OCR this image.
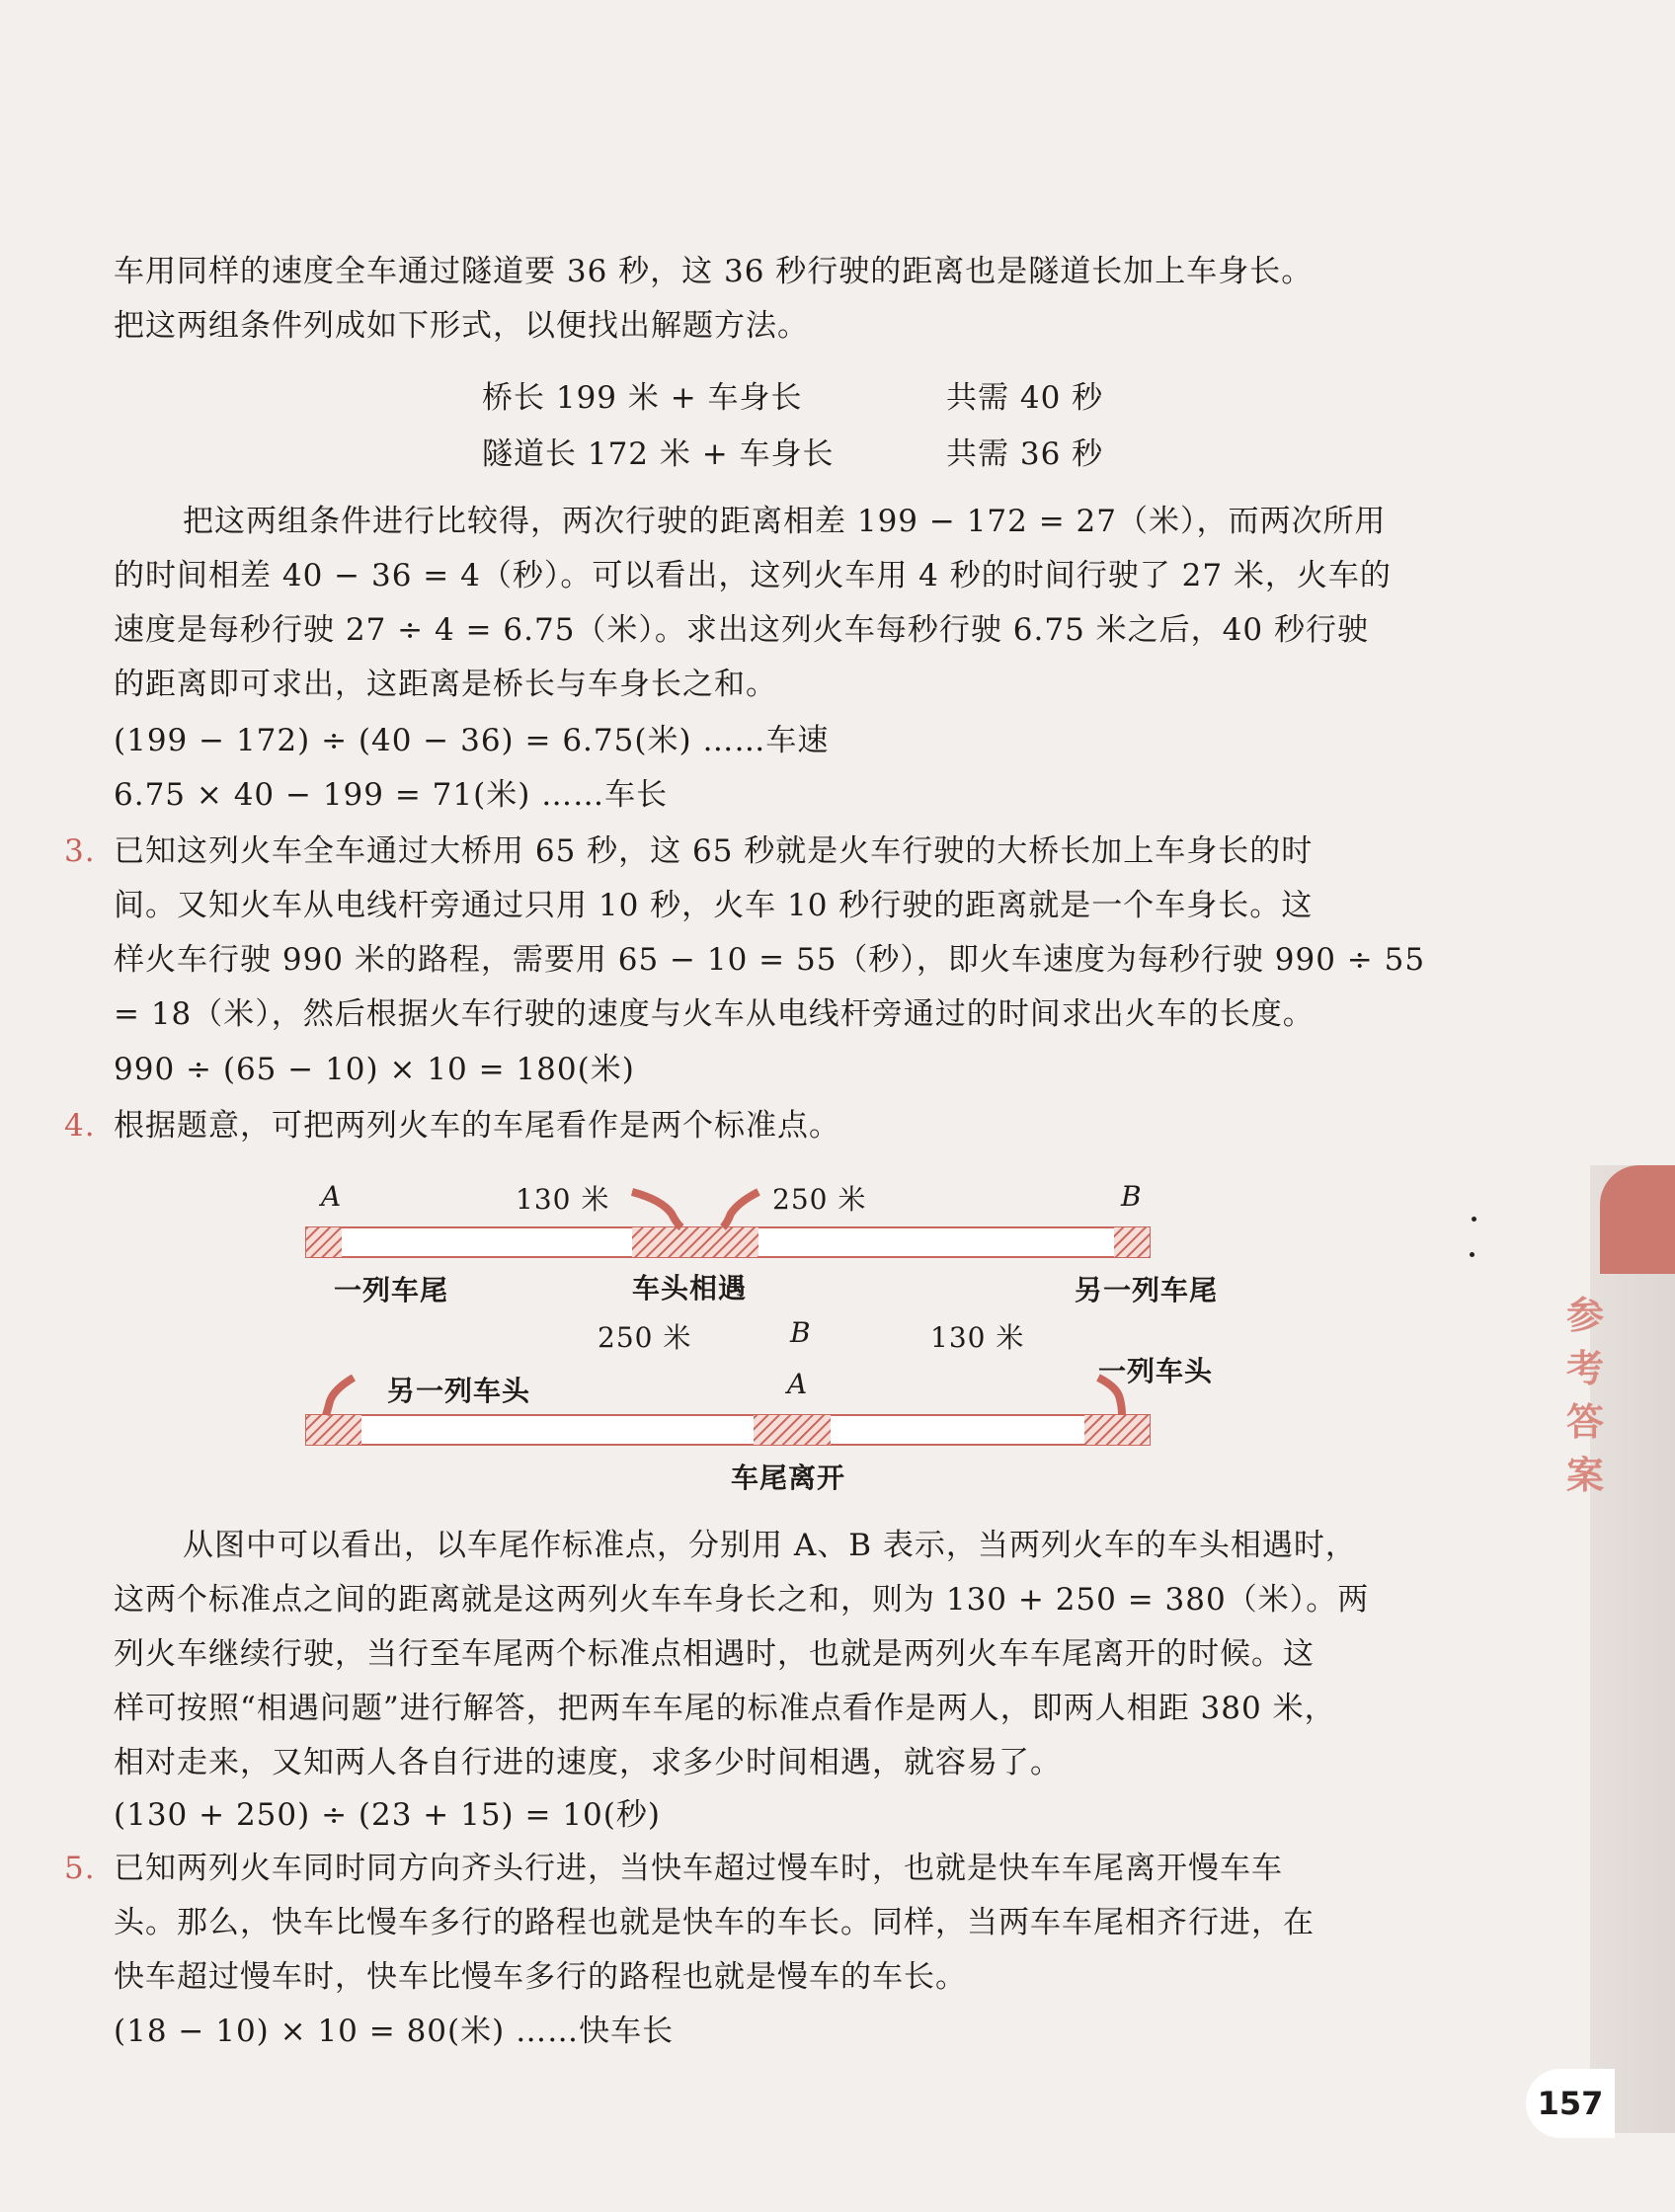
车用同样的速度全车通过隧道要 36 秒，这 36 秒行驶的距离也是隧道长加上车身长。
把这两组条件列成如下形式，以便找出解题方法。
桥长 199 米 + 车身长	共需 40 秒
隧道长 172 米 + 车身长	共需 36 秒
把这两组条件进行比较得，两次行驶的距离相差 199 − 172 = 27（米），而两次所用
的时间相差 40 − 36 = 4（秒）。可以看出，这列火车用 4 秒的时间行驶了 27 米，火车的
速度是每秒行驶 27 ÷ 4 = 6.75（米）。求出这列火车每秒行驶 6.75 米之后，40 秒行驶
的距离即可求出，这距离是桥长与车身长之和。
(199 − 172) ÷ (40 − 36) = 6.75(米) ……车速
6.75 × 40 − 199 = 71(米) ……车长
3. 已知这列火车全车通过大桥用 65 秒，这 65 秒就是火车行驶的大桥长加上车身长的时
间。又知火车从电线杆旁通过只用 10 秒，火车 10 秒行驶的距离就是一个车身长。这
样火车行驶 990 米的路程，需要用 65 − 10 = 55（秒），即火车速度为每秒行驶 990 ÷ 55
= 18（米），然后根据火车行驶的速度与火车从电线杆旁通过的时间求出火车的长度。
990 ÷ (65 − 10) × 10 = 180(米)
4. 根据题意，可把两列火车的车尾看作是两个标准点。
A	130 米	250 米	B
一列车尾	车头相遇	另一列车尾
250 米	B	130 米
一列车头
另一列车头	A
车尾离开
从图中可以看出，以车尾作标准点，分别用 A、B 表示，当两列火车的车头相遇时，
这两个标准点之间的距离就是这两列火车车身长之和，则为 130 + 250 = 380（米）。两
列火车继续行驶，当行至车尾两个标准点相遇时，也就是两列火车车尾离开的时候。这
样可按照“相遇问题”进行解答，把两车车尾的标准点看作是两人，即两人相距 380 米，
相对走来，又知两人各自行进的速度，求多少时间相遇，就容易了。
(130 + 250) ÷ (23 + 15) = 10(秒)
5. 已知两列火车同时同方向齐头行进，当快车超过慢车时，也就是快车车尾离开慢车车
头。那么，快车比慢车多行的路程也就是快车的车长。同样，当两车车尾相齐行进，在
快车超过慢车时，快车比慢车多行的路程也就是慢车的车长。
(18 − 10) × 10 = 80(米) ……快车长
参
考
答
案
157
